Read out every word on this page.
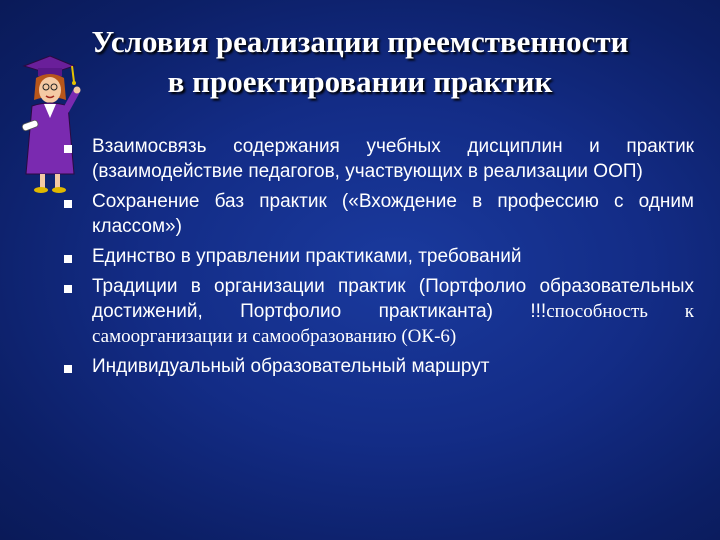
Условия реализации преемственности
в проектировании практик
Взаимосвязь содержания учебных дисциплин и практик (взаимодействие педагогов, участвующих в реализации ООП)
Сохранение баз практик («Вхождение в профессию с одним классом»)
Единство в управлении практиками, требований
Традиции в организации практик (Портфолио образовательных достижений, Портфолио практиканта) !!!способность к самоорганизации и самообразованию (ОК-6)
Индивидуальный образовательный маршрут
